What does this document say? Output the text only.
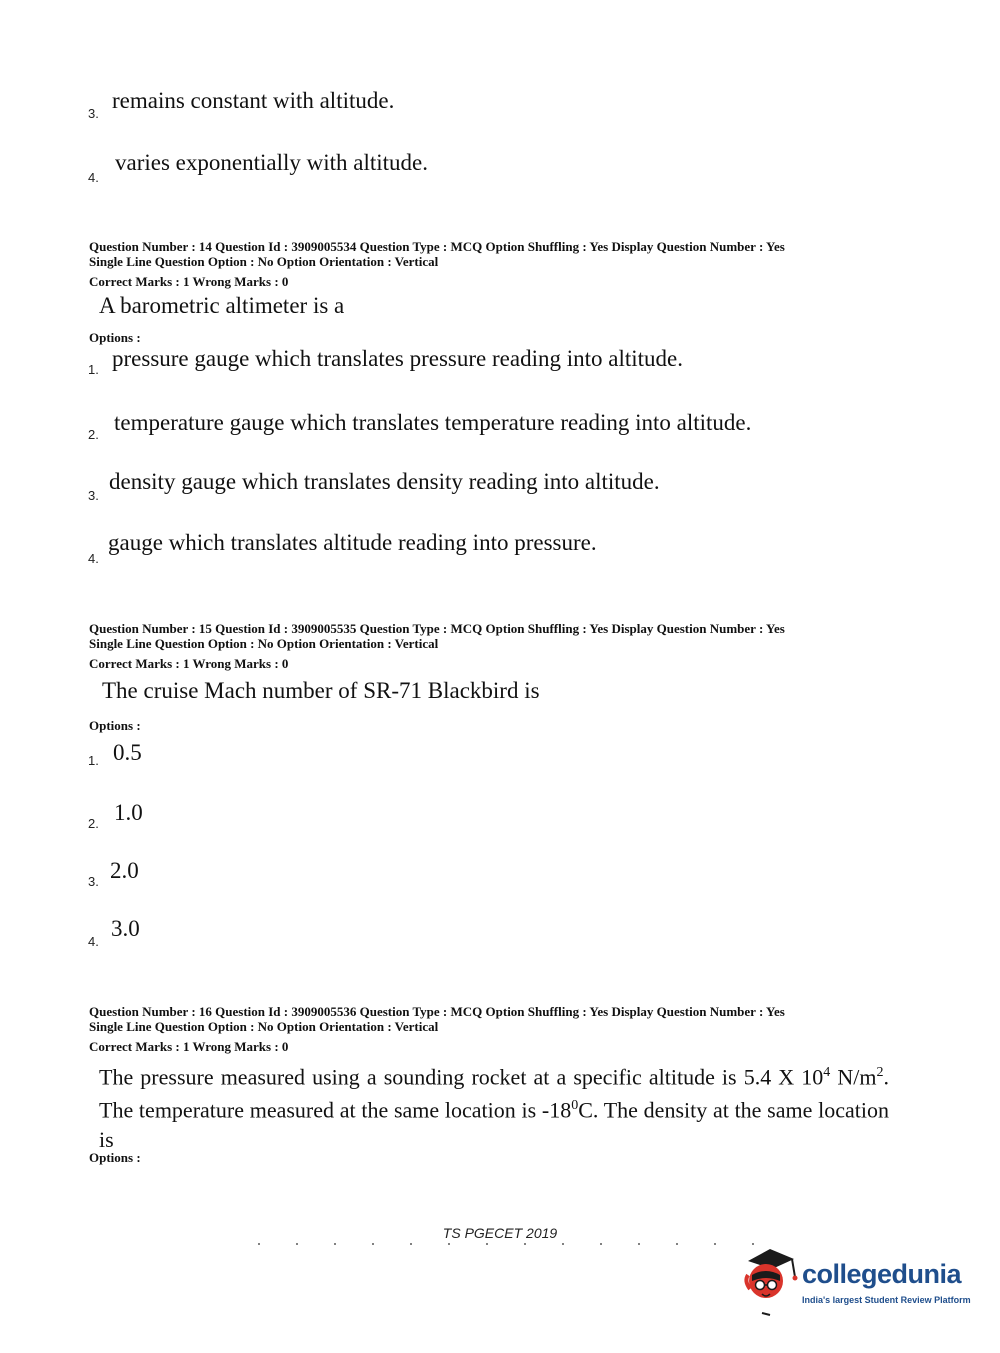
3.
remains constant with altitude.
4.
varies exponentially with altitude.
Question Number : 14 Question Id : 3909005534 Question Type : MCQ Option Shuffling : Yes Display Question Number : Yes
Single Line Question Option : No Option Orientation : Vertical
Correct Marks : 1 Wrong Marks : 0
A barometric altimeter is a
Options :
1. pressure gauge which translates pressure reading into altitude.
2. temperature gauge which translates temperature reading into altitude.
3.
density gauge which translates density reading into altitude.
4.
gauge which translates altitude reading into pressure.
Question Number : 15 Question Id : 3909005535 Question Type : MCQ Option Shuffling : Yes Display Question Number : Yes
Single Line Question Option : No Option Orientation : Vertical
Correct Marks : 1 Wrong Marks : 0
The cruise Mach number of SR-71 Blackbird is
Options :
1. 0.5
2. 1.0
3. 2.0
4.
3.0
Question Number : 16 Question Id : 3909005536 Question Type : MCQ Option Shuffling : Yes Display Question Number : Yes
Single Line Question Option : No Option Orientation : Vertical
Correct Marks : 1 Wrong Marks : 0
The pressure measured using a sounding rocket at a specific altitude is 5.4 X $10^4$ $N/m^2$. The temperature measured at the same location is $-18^0C$. The density at the same location is
Options :
TS PGECET 2019
collegedunia
India's largest Student Review Platform
